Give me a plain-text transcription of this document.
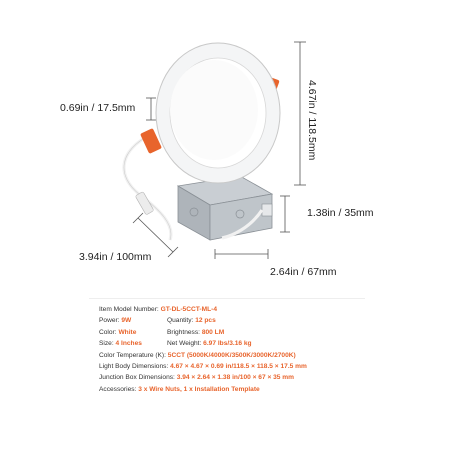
0.69in / 17.5mm	4.67in / 118.5mm
1.38in / 35mm
3.94in / 100mm
2.64in / 67mm
Item Model Number: GT-DL-5CCT-ML-4
Power: 9W	Quantity: 12 pcs
Color: White	Brightness: 800 LM
Size: 4 Inches	Net Weight: 6.97 lbs/3.16 kg
Color Temperature (K): 5CCT (5000K/4000K/3500K/3000K/2700K)
Light Body Dimensions: 4.67 × 4.67 × 0.69 in/118.5 × 118.5 × 17.5 mm
Junction Box Dimensions: 3.94 × 2.64 × 1.38 in/100 × 67 × 35 mm
Accessories: 3 x Wire Nuts, 1 x Installation Template
